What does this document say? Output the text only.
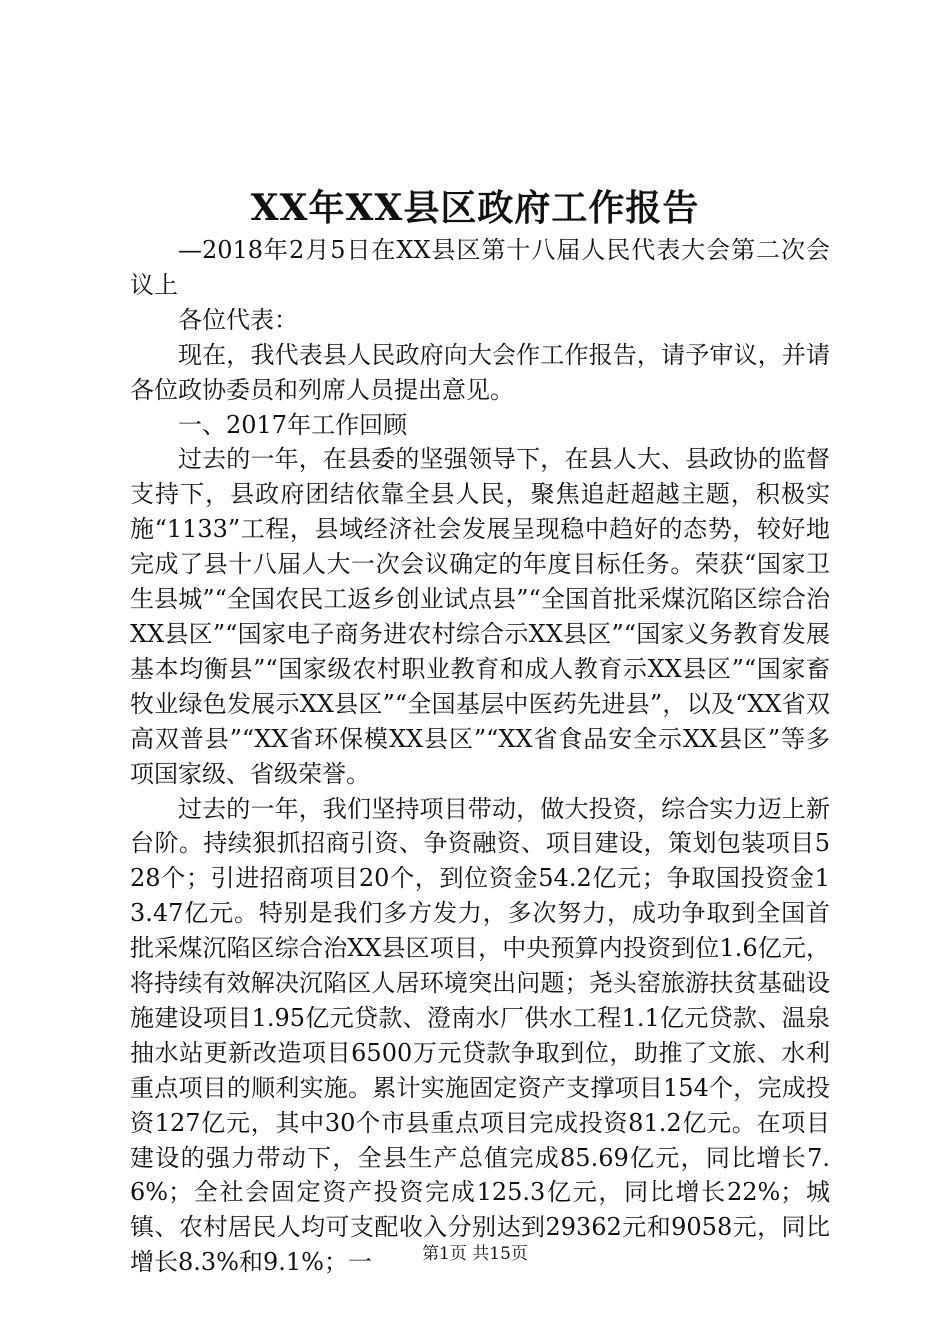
XX年XX县区政府工作报告

—2018年2月5日在XX县区第十八届人民代表大会第二次会议上

各位代表：

现在，我代表县人民政府向大会作工作报告，请予审议，并请各位政协委员和列席人员提出意见。

一、2017年工作回顾

过去的一年，在县委的坚强领导下，在县人大、县政协的监督支持下，县政府团结依靠全县人民，聚焦追赶超越主题，积极实施“1133”工程，县域经济社会发展呈现稳中趋好的态势，较好地完成了县十八届人大一次会议确定的年度目标任务。荣获“国家卫生县城”“全国农民工返乡创业试点县”“全国首批采煤沉陷区综合治XX县区”“国家电子商务进农村综合示XX县区”“国家义务教育发展基本均衡县”“国家级农村职业教育和成人教育示XX县区”“国家畜牧业绿色发展示XX县区”“全国基层中医药先进县”，以及“XX省双高双普县”“XX省环保模XX县区”“XX省食品安全示XX县区”等多项国家级、省级荣誉。

过去的一年，我们坚持项目带动，做大投资，综合实力迈上新台阶。持续狠抓招商引资、争资融资、项目建设，策划包装项目528个；引进招商项目20个，到位资金54.2亿元；争取国投资金13.47亿元。特别是我们多方发力，多次努力，成功争取到全国首批采煤沉陷区综合治XX县区项目，中央预算内投资到位1.6亿元，将持续有效解决沉陷区人居环境突出问题；尧头窑旅游扶贫基础设施建设项目1.95亿元贷款、澄南水厂供水工程1.1亿元贷款、温泉抽水站更新改造项目6500万元贷款争取到位，助推了文旅、水利重点项目的顺利实施。累计实施固定资产支撑项目154个，完成投资127亿元，其中30个市县重点项目完成投资81.2亿元。在项目建设的强力带动下，全县生产总值完成85.69亿元，同比增长7.6%；全社会固定资产投资完成125.3亿元，同比增长22%；城镇、农村居民人均可支配收入分别达到29362元和9058元，同比增长8.3%和9.1%；一	第1页 共15页
